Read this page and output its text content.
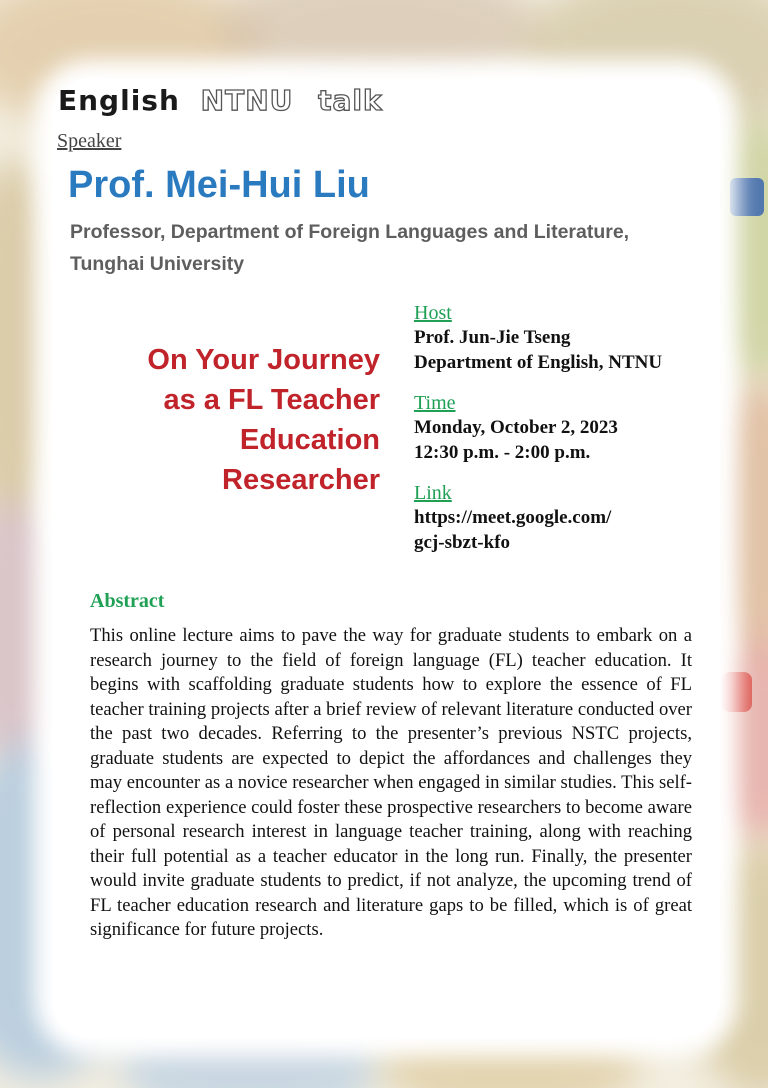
English NTNU talk
Speaker
Prof. Mei-Hui Liu
Professor, Department of Foreign Languages and Literature,
Tunghai University
On Your Journey
as a FL Teacher
Education
Researcher
Host
Prof. Jun-Jie Tseng
Department of English, NTNU
Time
Monday, October 2, 2023
12:30 p.m. - 2:00 p.m.
Link
https://meet.google.com/
gcj-sbzt-kfo
Abstract
This online lecture aims to pave the way for graduate students to embark on a research journey to the field of foreign language (FL) teacher education. It begins with scaffolding graduate students how to explore the essence of FL teacher training projects after a brief review of relevant literature conducted over the past two decades. Referring to the presenter’s previous NSTC projects, graduate students are expected to depict the affordances and challenges they may encounter as a novice researcher when engaged in similar studies. This self-reflection experience could foster these prospective researchers to become aware of personal research interest in language teacher training, along with reaching their full potential as a teacher educator in the long run. Finally, the presenter would invite graduate students to predict, if not analyze, the upcoming trend of FL teacher education research and literature gaps to be filled, which is of great significance for future projects.
